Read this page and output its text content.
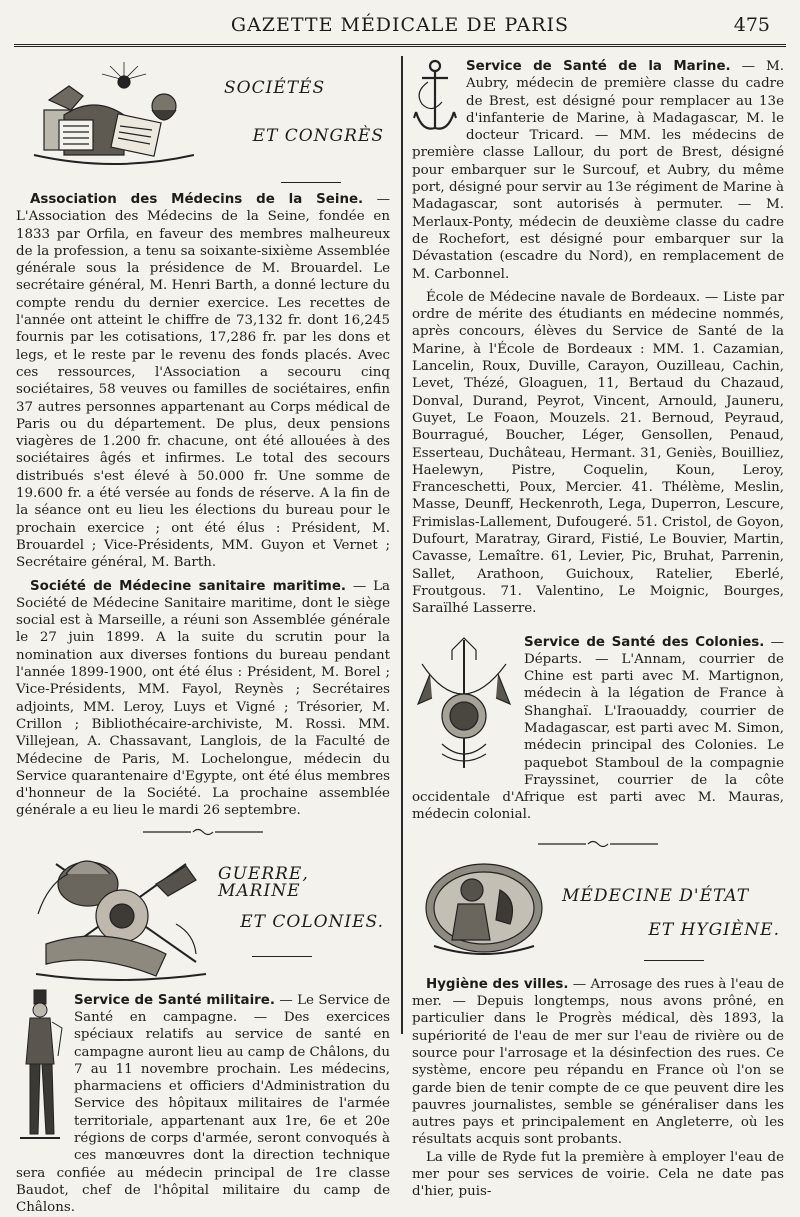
GAZETTE MÉDICALE DE PARIS	475
SOCIÉTÉS
ET CONGRÈS

Association des Médecins de la Seine. — L'Association des Médecins de la Seine, fondée en 1833 par Orfila, en faveur des membres malheureux de la profession, a tenu sa soixante-sixième Assemblée générale sous la présidence de M. Brouardel. Le secrétaire général, M. Henri Barth, a donné lecture du compte rendu du dernier exercice. Les recettes de l'année ont atteint le chiffre de 73,132 fr. dont 16,245 fournis par les cotisations, 17,286 fr. par les dons et legs, et le reste par le revenu des fonds placés. Avec ces ressources, l'Association a secouru cinq sociétaires, 58 veuves ou familles de sociétaires, enfin 37 autres personnes appartenant au Corps médical de Paris ou du département. De plus, deux pensions viagères de 1.200 fr. chacune, ont été allouées à des sociétaires âgés et infirmes. Le total des secours distribués s'est élevé à 50.000 fr. Une somme de 19.600 fr. a été versée au fonds de réserve. A la fin de la séance ont eu lieu les élections du bureau pour le prochain exercice ; ont été élus : Président, M. Brouardel ; Vice-Présidents, MM. Guyon et Vernet ; Secrétaire général, M. Barth.

Société de Médecine sanitaire maritime. — La Société de Médecine Sanitaire maritime, dont le siège social est à Marseille, a réuni son Assemblée générale le 27 juin 1899. A la suite du scrutin pour la nomination aux diverses fontions du bureau pendant l'année 1899-1900, ont été élus : Président, M. Borel ; Vice-Présidents, MM. Fayol, Reynès ; Secrétaires adjoints, MM. Leroy, Luys et Vigné ; Trésorier, M. Crillon ; Bibliothécaire-archiviste, M. Rossi. MM. Villejean, A. Chassavant, Langlois, de la Faculté de Médecine de Paris, M. Lochelongue, médecin du Service quarantenaire d'Egypte, ont été élus membres d'honneur de la Société. La prochaine assemblée générale a eu lieu le mardi 26 septembre.

GUERRE, MARINE
ET COLONIES.

Service de Santé militaire. — Le Service de Santé en campagne. — Des exercices spéciaux relatifs au service de santé en campagne auront lieu au camp de Châlons, du 7 au 11 novembre prochain. Les médecins, pharmaciens et officiers d'Administration du Service des hôpitaux militaires de l'armée territoriale, appartenant aux 1re, 6e et 20e régions de corps d'armée, seront convoqués à ces manœuvres dont la direction technique sera confiée au médecin principal de 1re classe Baudot, chef de l'hôpital militaire du camp de Châlons.

Service de Santé de la Marine. — M. Aubry, médecin de première classe du cadre de Brest, est désigné pour remplacer au 13e d'infanterie de Marine, à Madagascar, M. le docteur Tricard. — MM. les médecins de première classe Lallour, du port de Brest, désigné pour embarquer sur le Surcouf, et Aubry, du même port, désigné pour servir au 13e régiment de Marine à Madagascar, sont autorisés à permuter. — M. Merlaux-Ponty, médecin de deuxième classe du cadre de Rochefort, est désigné pour embarquer sur la Dévastation (escadre du Nord), en remplacement de M. Carbonnel.

École de Médecine navale de Bordeaux. — Liste par ordre de mérite des étudiants en médecine nommés, après concours, élèves du Service de Santé de la Marine, à l'École de Bordeaux : MM. 1. Cazamian, Lancelin, Roux, Duville, Carayon, Ouzilleau, Cachin, Levet, Thézé, Gloaguen, 11, Bertaud du Chazaud, Donval, Durand, Peyrot, Vincent, Arnould, Jauneru, Guyet, Le Foaon, Mouzels. 21. Bernoud, Peyraud, Bourragué, Boucher, Léger, Gensollen, Penaud, Esserteau, Duchâteau, Hermant. 31, Geniès, Bouilliez, Haelewyn, Pistre, Coquelin, Koun, Leroy, Franceschetti, Poux, Mercier. 41. Thélème, Meslin, Masse, Deunff, Heckenroth, Lega, Duperron, Lescure, Frimislas-Lallement, Dufougeré. 51. Cristol, de Goyon, Dufourt, Maratray, Girard, Fistié, Le Bouvier, Martin, Cavasse, Lemaître. 61, Levier, Pic, Bruhat, Parrenin, Sallet, Arathoon, Guichoux, Ratelier, Eberlé, Froutgous. 71. Valentino, Le Moignic, Bourges, Saraïlhé Lasserre.

Service de Santé des Colonies. — Départs. — L'Annam, courrier de Chine est parti avec M. Martignon, médecin à la légation de France à Shanghaï. L'Iraouaddy, courrier de Madagascar, est parti avec M. Simon, médecin principal des Colonies. Le paquebot Stamboul de la compagnie Frayssinet, courrier de la côte occidentale d'Afrique est parti avec M. Mauras, médecin colonial.

MÉDECINE D'ÉTAT
ET HYGIÈNE.

Hygiène des villes. — Arrosage des rues à l'eau de mer. — Depuis longtemps, nous avons prôné, en particulier dans le Progrès médical, dès 1893, la supériorité de l'eau de mer sur l'eau de rivière ou de source pour l'arrosage et la désinfection des rues. Ce système, encore peu répandu en France où l'on se garde bien de tenir compte de ce que peuvent dire les pauvres journalistes, semble se généraliser dans les autres pays et principalement en Angleterre, où les résultats acquis sont probants.

La ville de Ryde fut la première à employer l'eau de mer pour ses services de voirie. Cela ne date pas d'hier, puis-
